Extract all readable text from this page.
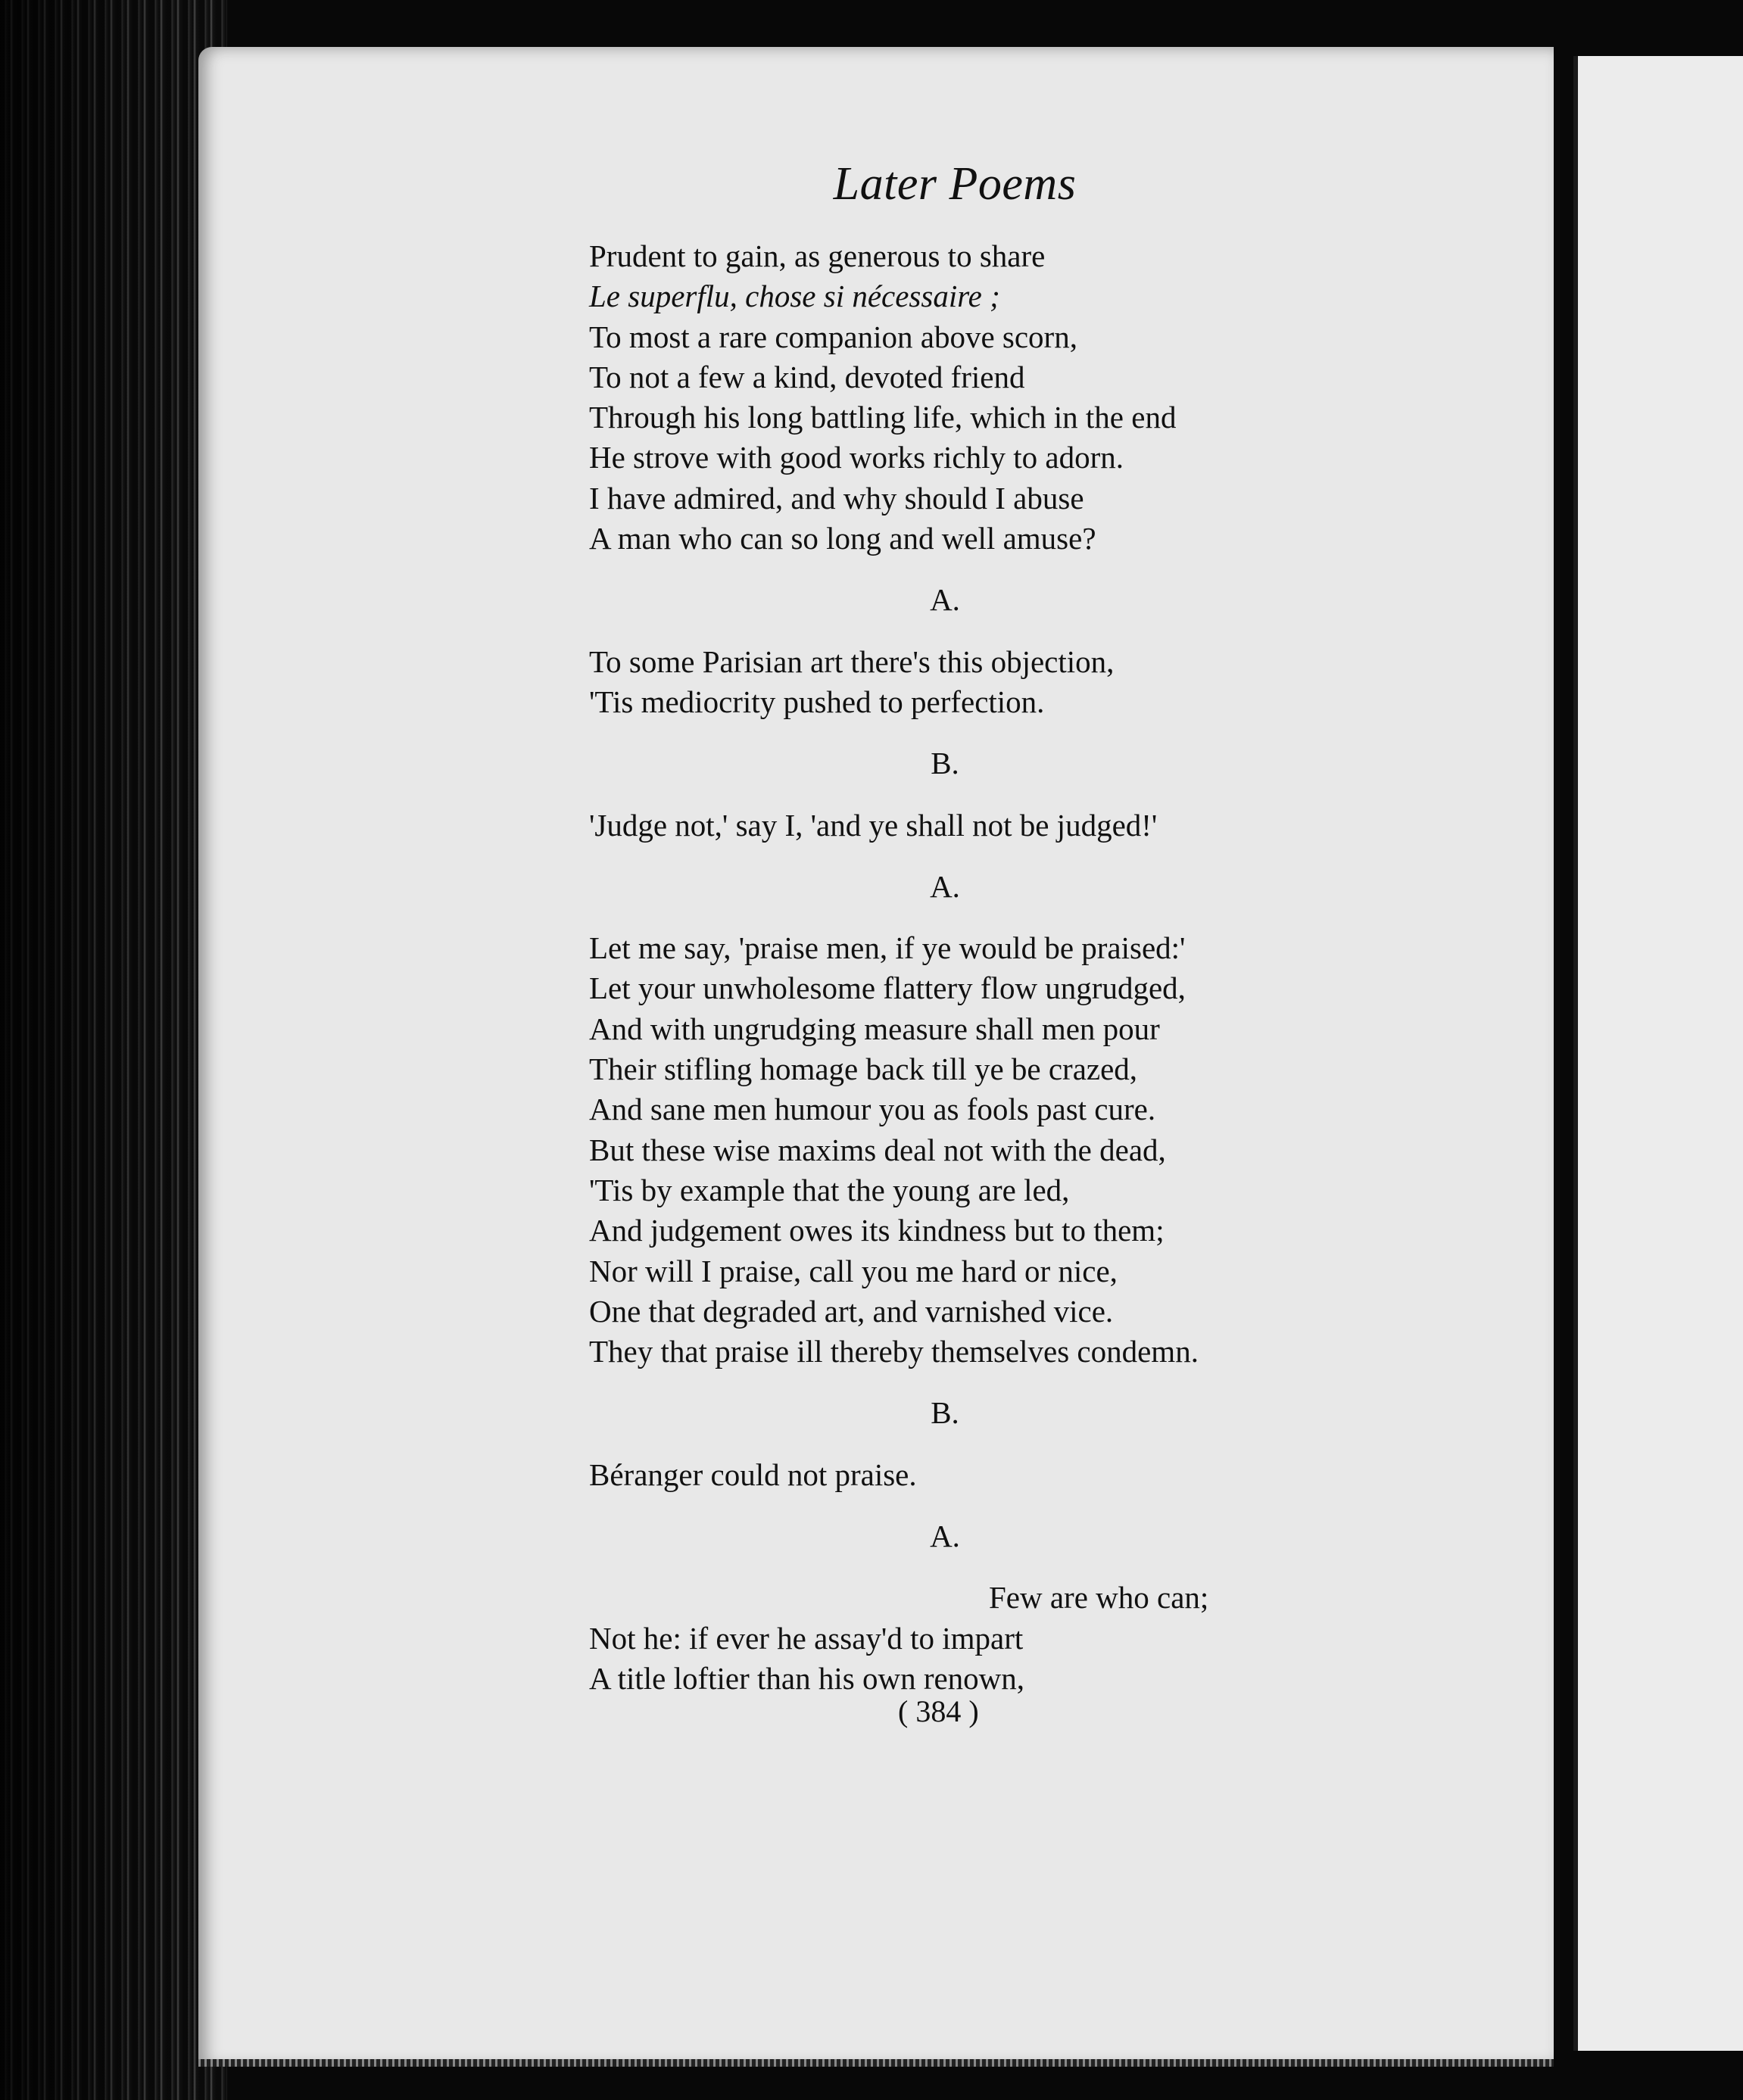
Later Poems
Prudent to gain, as generous to share
Le superflu, chose si nécessaire ;
To most a rare companion above scorn,
To not a few a kind, devoted friend
Through his long battling life, which in the end
He strove with good works richly to adorn.
I have admired, and why should I abuse
A man who can so long and well amuse?
A.
To some Parisian art there's this objection,
'Tis mediocrity pushed to perfection.
B.
'Judge not,' say I, 'and ye shall not be judged!'
A.
Let me say, 'praise men, if ye would be praised:'
Let your unwholesome flattery flow ungrudged,
And with ungrudging measure shall men pour
Their stifling homage back till ye be crazed,
And sane men humour you as fools past cure.
But these wise maxims deal not with the dead,
'Tis by example that the young are led,
And judgement owes its kindness but to them;
Nor will I praise, call you me hard or nice,
One that degraded art, and varnished vice.
They that praise ill thereby themselves condemn.
B.
Béranger could not praise.
A.
Few are who can;
Not he: if ever he assay'd to impart
A title loftier than his own renown,
( 384 )
